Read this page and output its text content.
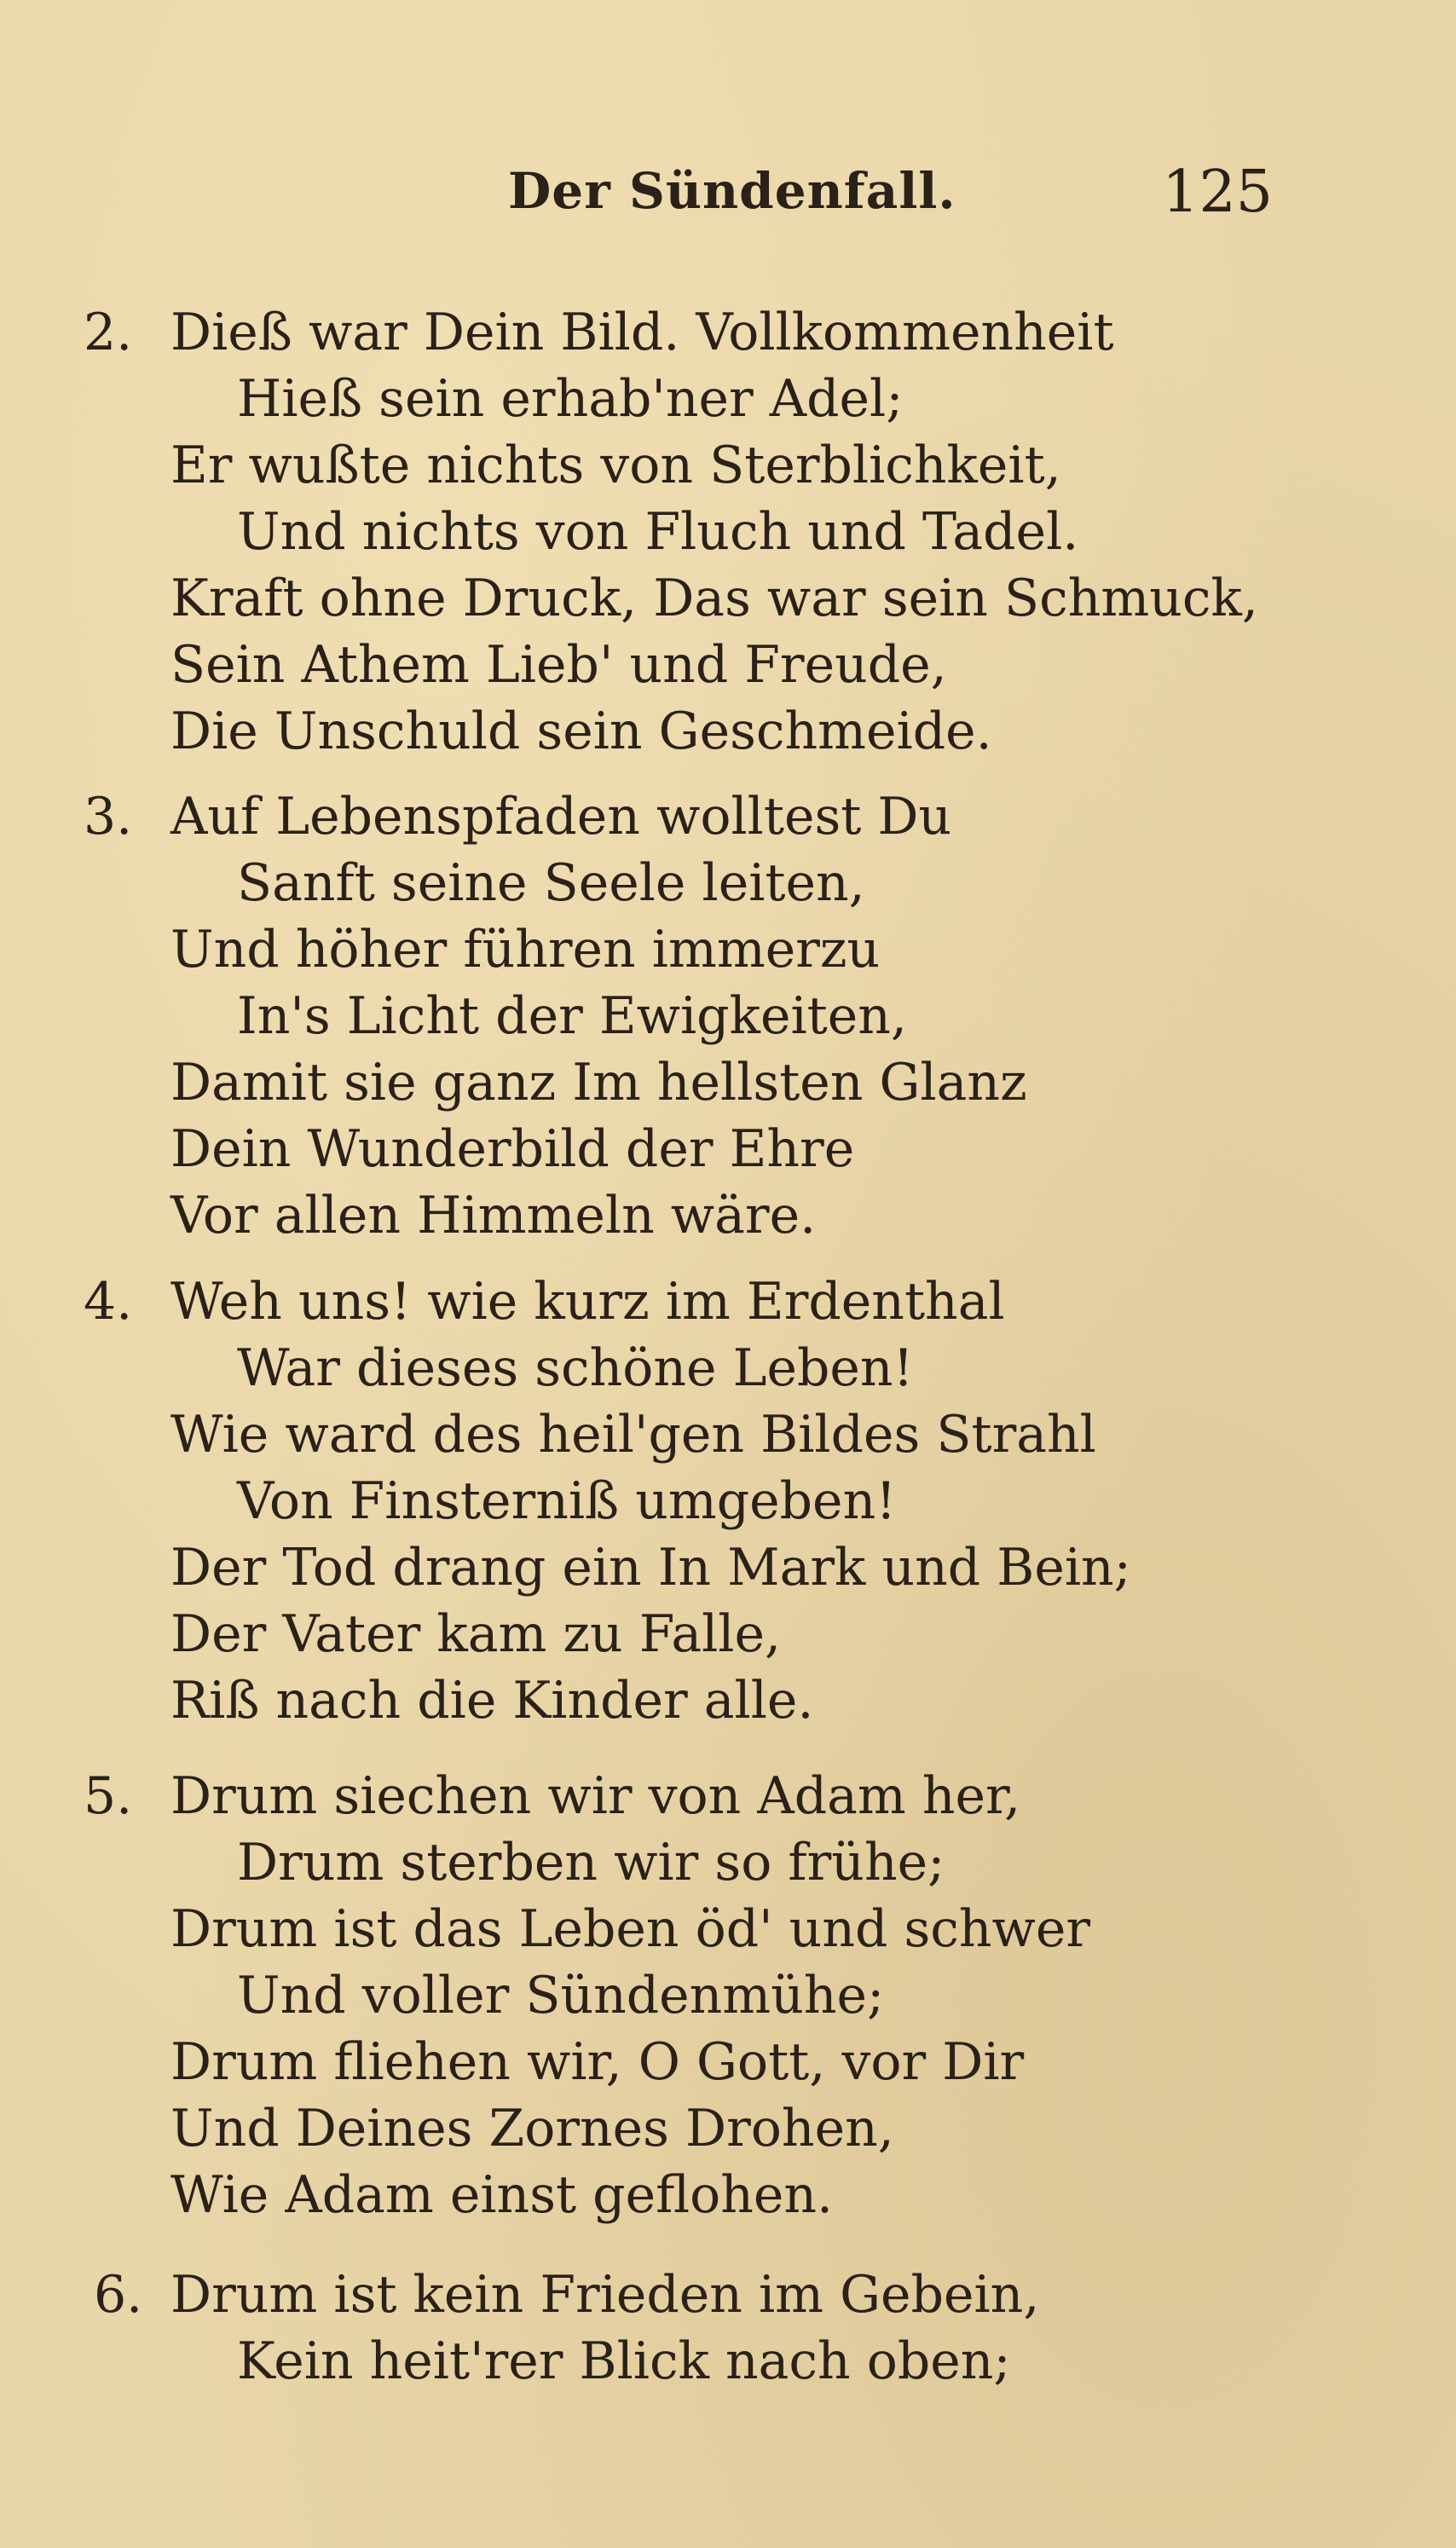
Der Sündenfall.	125
2. Dieß war Dein Bild. Vollkommenheit
Hieß sein erhab'ner Adel;
Er wußte nichts von Sterblichkeit,
Und nichts von Fluch und Tadel.
Kraft ohne Druck, Das war sein Schmuck,
Sein Athem Lieb' und Freude,
Die Unschuld sein Geschmeide.
3. Auf Lebenspfaden wolltest Du
Sanft seine Seele leiten,
Und höher führen immerzu
In's Licht der Ewigkeiten,
Damit sie ganz Im hellsten Glanz
Dein Wunderbild der Ehre
Vor allen Himmeln wäre.
4. Weh uns! wie kurz im Erdenthal
War dieses schöne Leben!
Wie ward des heil'gen Bildes Strahl
Von Finsterniß umgeben!
Der Tod drang ein In Mark und Bein;
Der Vater kam zu Falle,
Riß nach die Kinder alle.
5. Drum siechen wir von Adam her,
Drum sterben wir so frühe;
Drum ist das Leben öd' und schwer
Und voller Sündenmühe;
Drum fliehen wir, O Gott, vor Dir
Und Deines Zornes Drohen,
Wie Adam einst geflohen.
6. Drum ist kein Frieden im Gebein,
Kein heit'rer Blick nach oben;
